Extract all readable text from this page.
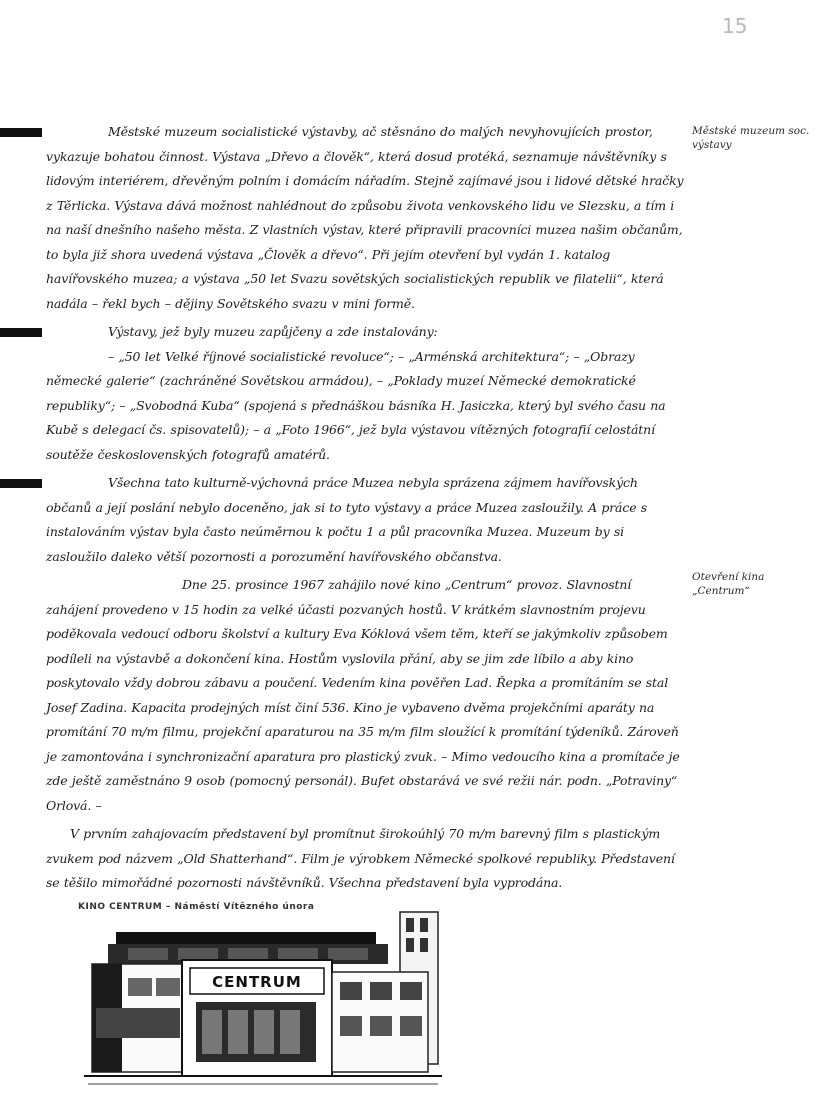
15
Městské muzeum soc. výstavy
Otevření kina „Centrum“

Městské muzeum socialistické výstavby, ač stěsnáno do malých nevyhovujících prostor, vykazuje bohatou činnost. Výstava „Dřevo a člověk“, která dosud protéká, seznamuje návštěvníky s lidovým interiérem, dřevěným polním i domácím nářadím. Stejně zajímavé jsou i lidové dětské hračky z Těrlicka. Výstava dává možnost nahlédnout do způsobu života venkovského lidu ve Slezsku, a tím i na naší dnešního našeho města. Z vlastních výstav, které připravili pracovníci muzea našim občanům, to byla již shora uvedená výstava „Člověk a dřevo“. Při jejím otevření byl vydán 1. katalog havířovského muzea; a výstava „50 let Svazu sovětských socialistických republik ve filatelii“, která nadála – řekl bych – dějiny Sovětského svazu v mini formě.

Výstavy, jež byly muzeu zapůjčeny a zde instalovány:

– „50 let Velké říjnové socialistické revoluce“; – „Arménská architektura“; – „Obrazy německé galerie“ (zachráněné Sovětskou armádou), – „Poklady muzeí Německé demokratické republiky“; – „Svobodná Kuba“ (spojená s přednáškou básníka H. Jasiczka, který byl svého času na Kubě s delegací čs. spisovatelů); – a „Foto 1966“, jež byla výstavou vítězných fotografií celostátní soutěže československých fotografů amatérů.

Všechna tato kulturně-výchovná práce Muzea nebyla sprázena zájmem havířovských občanů a její poslání nebylo doceněno, jak si to tyto výstavy a práce Muzea zasloužily. A práce s instalováním výstav byla často neúměrnou k počtu 1 a půl pracovníka Muzea. Muzeum by si zasloužilo daleko větší pozornosti a porozumění havířovského občanstva.

Dne 25. prosince 1967 zahájilo nové kino „Centrum“ provoz. Slavnostní zahájení provedeno v 15 hodin za velké účasti pozvaných hostů. V krátkém slavnostním projevu poděkovala vedoucí odboru školství a kultury Eva Kóklová všem těm, kteří se jakýmkoliv způsobem podíleli na výstavbě a dokončení kina. Hostům vyslovila přání, aby se jim zde líbilo a aby kino poskytovalo vždy dobrou zábavu a poučení. Vedením kina pověřen Lad. Řepka a promítáním se stal Josef Zadina. Kapacita prodejných míst činí 536. Kino je vybaveno dvěma projekčními aparáty na promítání 70 m/m filmu, projekční aparaturou na 35 m/m film sloužící k promítání týdeníků. Zároveň je zamontována i synchronizační aparatura pro plastický zvuk. – Mimo vedoucího kina a promítače je zde ještě zaměstnáno 9 osob (pomocný personál). Bufet obstarává ve své režii nár. podn. „Potraviny“ Orlová. –

V prvním zahajovacím představení byl promítnut širokoúhlý 70 m/m barevný film s plastickým zvukem pod názvem „Old Shatterhand“. Film je výrobkem Německé spolkové republiky. Představení se těšilo mimořádné pozornosti návštěvníků. Všechna představení byla vyprodána.

CENTRUM
KINO CENTRUM – Náměstí Vítězného února
